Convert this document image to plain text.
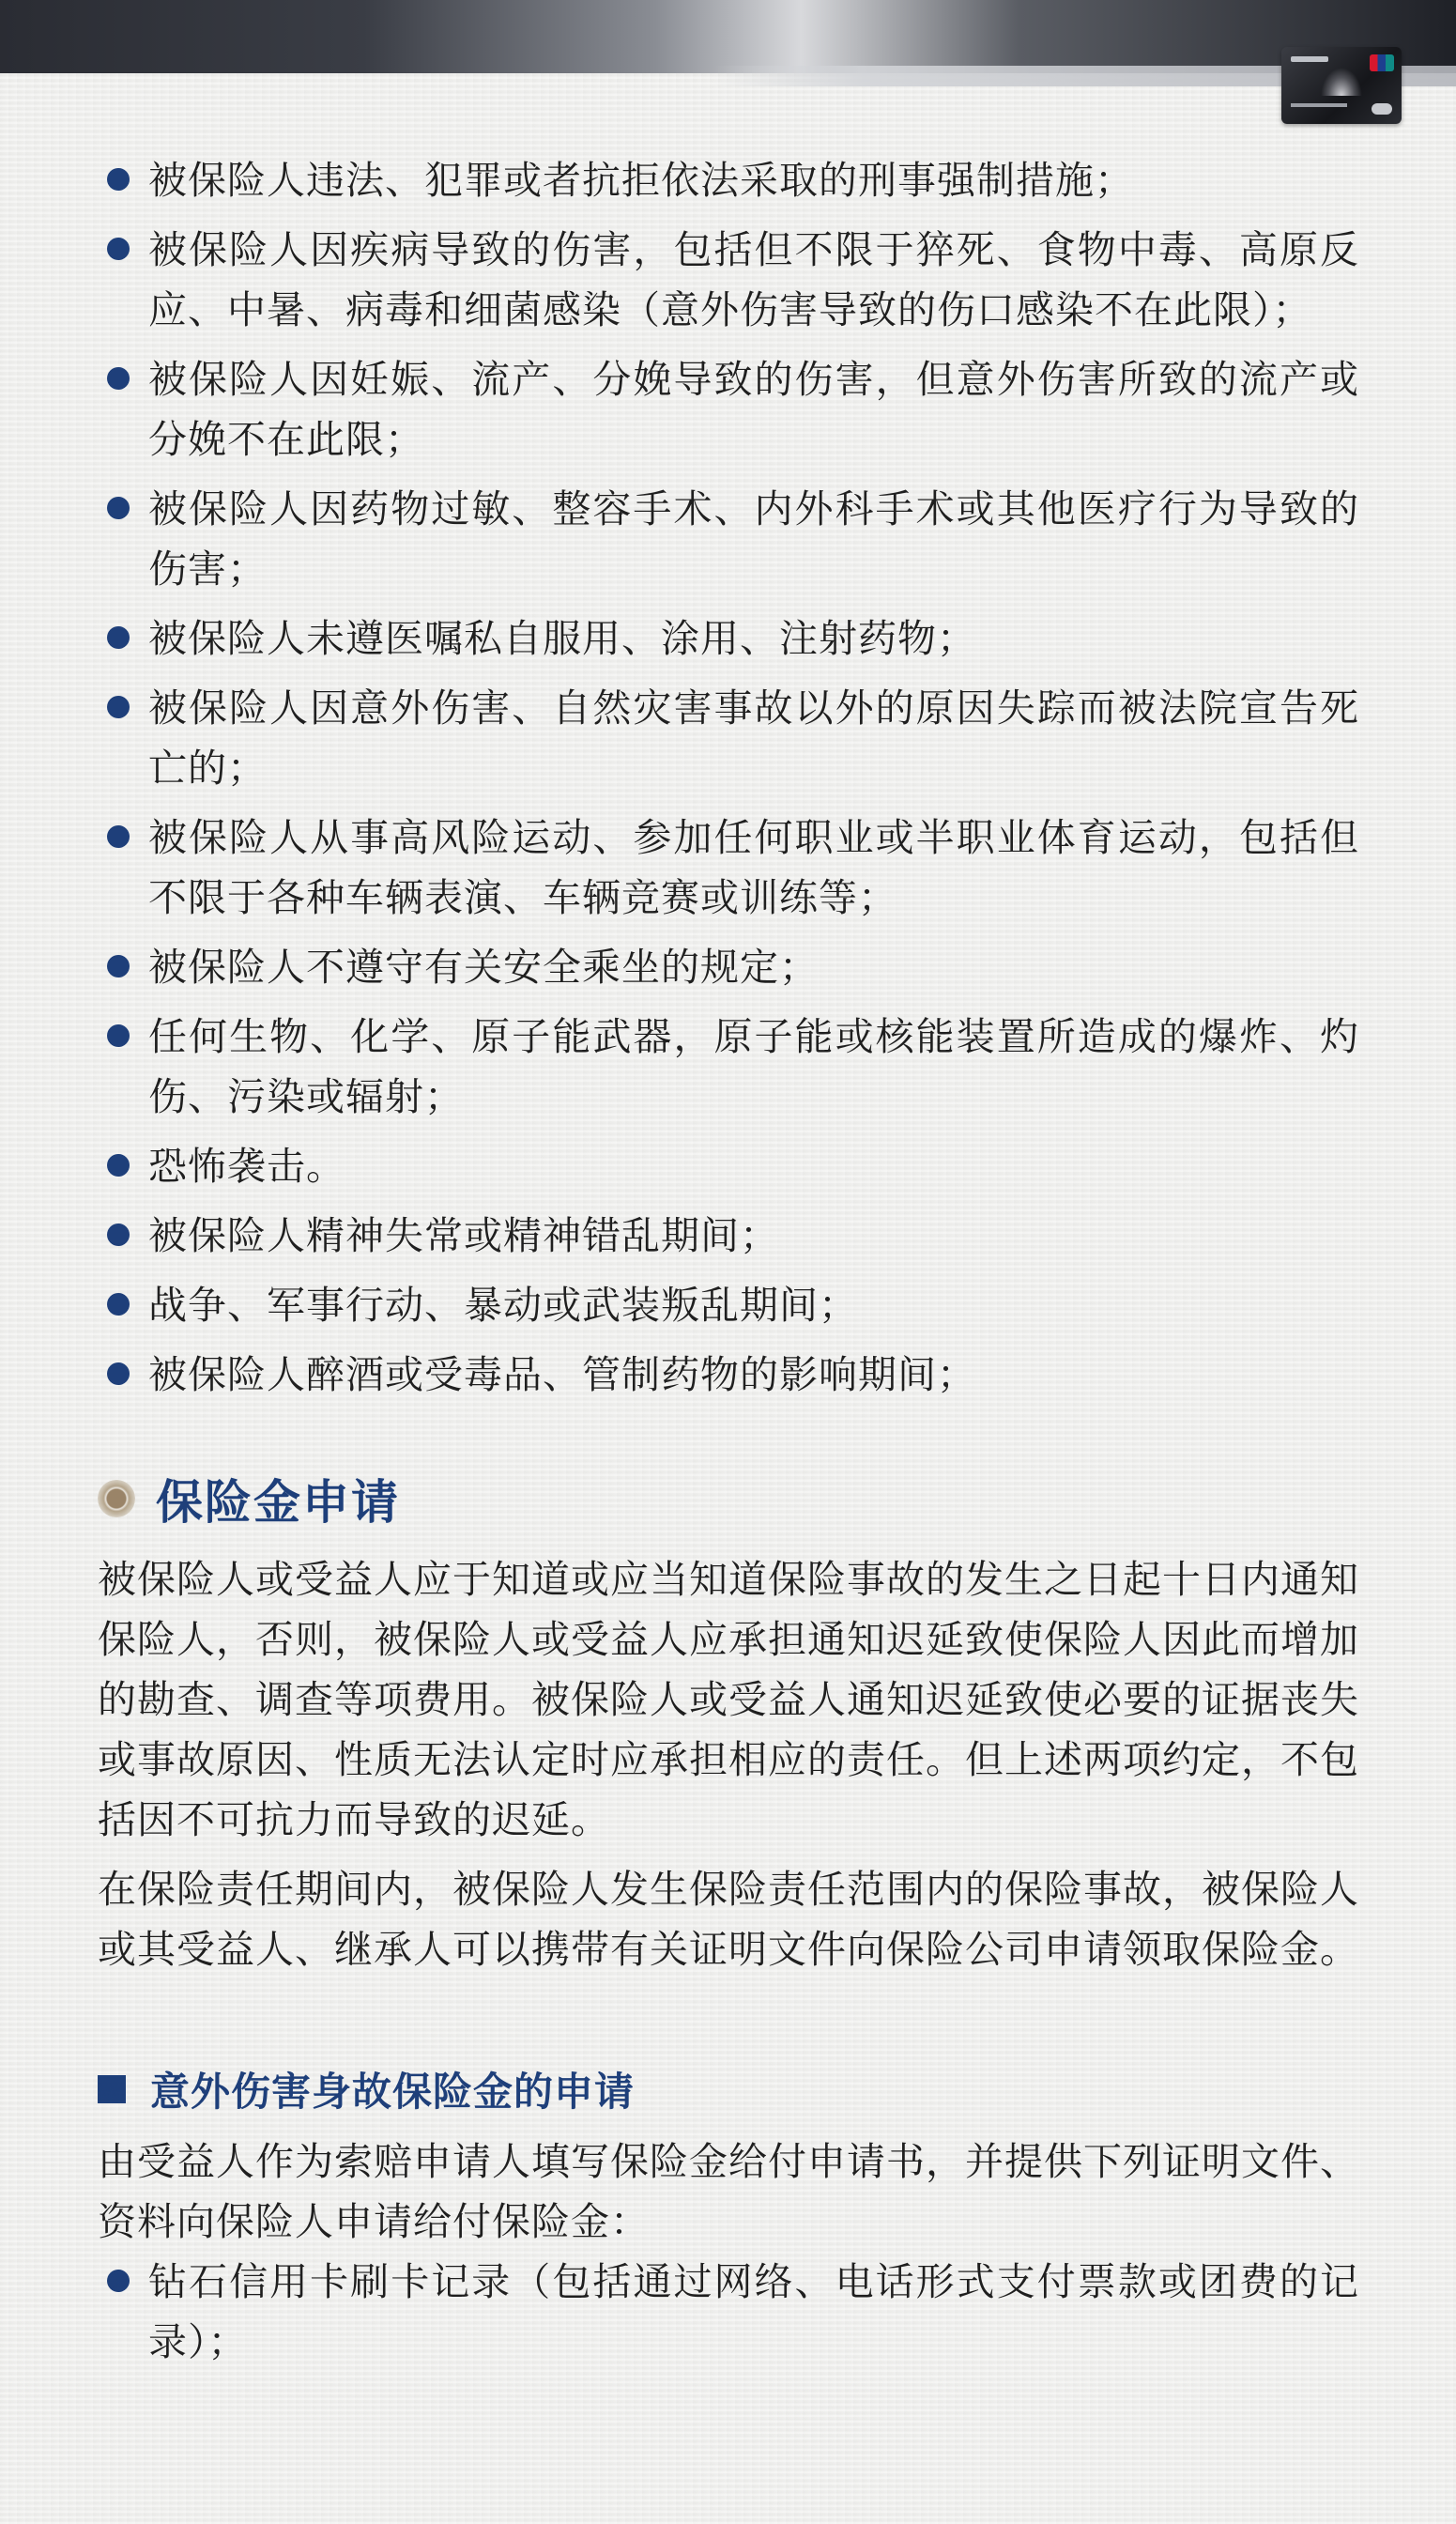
被保险人违法、犯罪或者抗拒依法采取的刑事强制措施；
被保险人因疾病导致的伤害，包括但不限于猝死、食物中毒、高原反应、中暑、病毒和细菌感染（意外伤害导致的伤口感染不在此限）；
被保险人因妊娠、流产、分娩导致的伤害，但意外伤害所致的流产或分娩不在此限；
被保险人因药物过敏、整容手术、内外科手术或其他医疗行为导致的伤害；
被保险人未遵医嘱私自服用、涂用、注射药物；
被保险人因意外伤害、自然灾害事故以外的原因失踪而被法院宣告死亡的；
被保险人从事高风险运动、参加任何职业或半职业体育运动，包括但不限于各种车辆表演、车辆竞赛或训练等；
被保险人不遵守有关安全乘坐的规定；
任何生物、化学、原子能武器，原子能或核能装置所造成的爆炸、灼伤、污染或辐射；
恐怖袭击。
被保险人精神失常或精神错乱期间；
战争、军事行动、暴动或武装叛乱期间；
被保险人醉酒或受毒品、管制药物的影响期间；
保险金申请

被保险人或受益人应于知道或应当知道保险事故的发生之日起十日内通知保险人，否则，被保险人或受益人应承担通知迟延致使保险人因此而增加的勘查、调查等项费用。被保险人或受益人通知迟延致使必要的证据丧失或事故原因、性质无法认定时应承担相应的责任。但上述两项约定，不包括因不可抗力而导致的迟延。

在保险责任期间内，被保险人发生保险责任范围内的保险事故，被保险人或其受益人、继承人可以携带有关证明文件向保险公司申请领取保险金。

意外伤害身故保险金的申请

由受益人作为索赔申请人填写保险金给付申请书，并提供下列证明文件、资料向保险人申请给付保险金：

钻石信用卡刷卡记录（包括通过网络、电话形式支付票款或团费的记录）；
